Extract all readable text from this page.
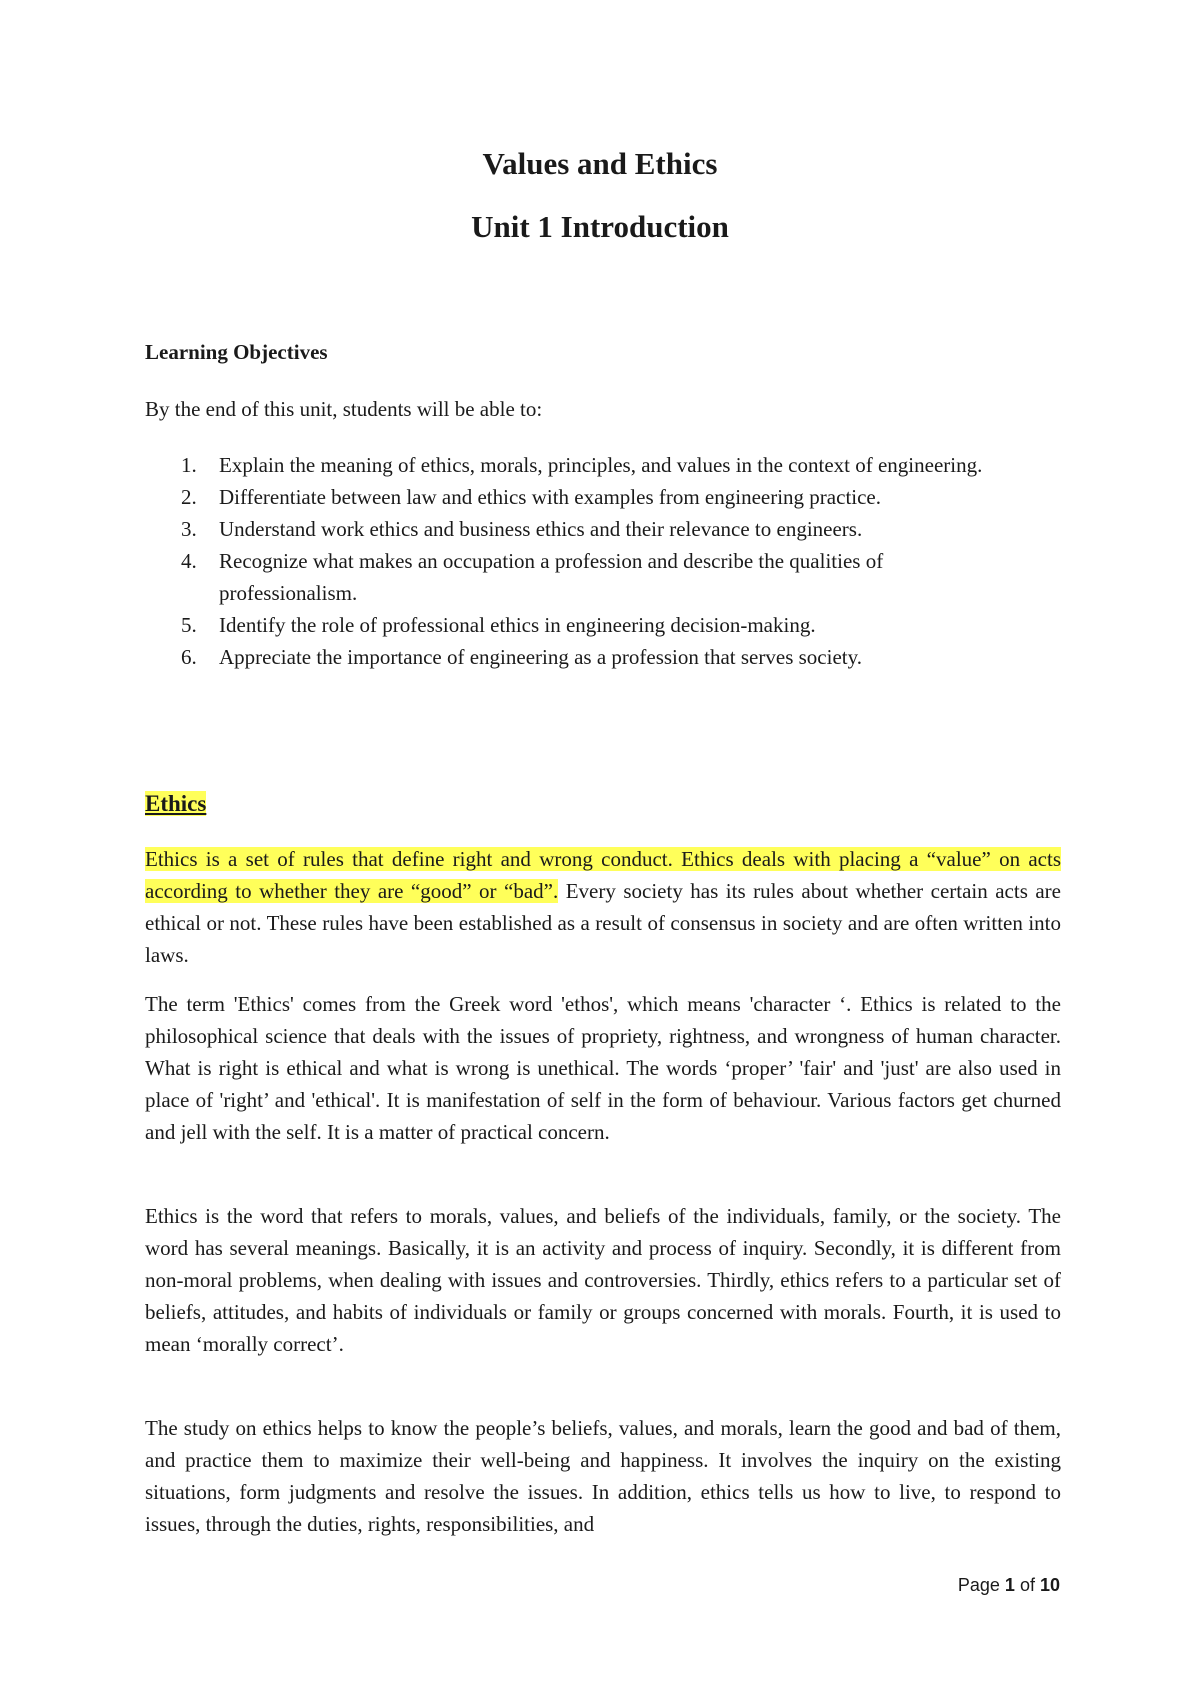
Values and Ethics
Unit 1 Introduction

Learning Objectives

By the end of this unit, students will be able to:

1. Explain the meaning of ethics, morals, principles, and values in the context of engineering.
2. Differentiate between law and ethics with examples from engineering practice.
3. Understand work ethics and business ethics and their relevance to engineers.
4. Recognize what makes an occupation a profession and describe the qualities of professionalism.
5. Identify the role of professional ethics in engineering decision-making.
6. Appreciate the importance of engineering as a profession that serves society.

Ethics

Ethics is a set of rules that define right and wrong conduct. Ethics deals with placing a “value” on acts according to whether they are “good” or “bad”. Every society has its rules about whether certain acts are ethical or not. These rules have been established as a result of consensus in society and are often written into laws.

The term 'Ethics' comes from the Greek word 'ethos', which means 'character ‘. Ethics is related to the philosophical science that deals with the issues of propriety, rightness, and wrongness of human character. What is right is ethical and what is wrong is unethical. The words ‘proper’ 'fair' and 'just' are also used in place of 'right’ and 'ethical'. It is manifestation of self in the form of behaviour. Various factors get churned and jell with the self. It is a matter of practical concern.

Ethics is the word that refers to morals, values, and beliefs of the individuals, family, or the society. The word has several meanings. Basically, it is an activity and process of inquiry. Secondly, it is different from non-moral problems, when dealing with issues and controversies. Thirdly, ethics refers to a particular set of beliefs, attitudes, and habits of individuals or family or groups concerned with morals. Fourth, it is used to mean ‘morally correct’.

The study on ethics helps to know the people’s beliefs, values, and morals, learn the good and bad of them, and practice them to maximize their well-being and happiness. It involves the inquiry on the existing situations, form judgments and resolve the issues. In addition, ethics tells us how to live, to respond to issues, through the duties, rights, responsibilities, and

Page 1 of 10
